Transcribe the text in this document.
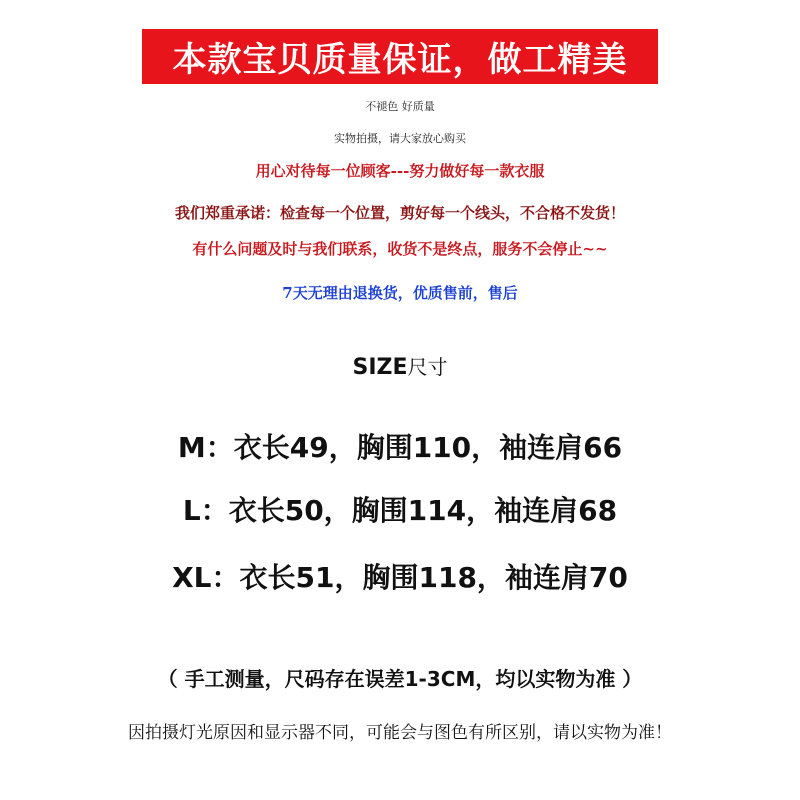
本款宝贝质量保证，做工精美
不褪色 好质量
实物拍摄，请大家放心购买
用心对待每一位顾客---努力做好每一款衣服
我们郑重承诺：检查每一个位置，剪好每一个线头，不合格不发货！
有什么问题及时与我们联系，收货不是终点，服务不会停止~~
7天无理由退换货，优质售前，售后
SIZE尺寸
M：衣长49，胸围110，袖连肩66
L：衣长50，胸围114，袖连肩68
XL：衣长51，胸围118，袖连肩70
（ 手工测量，尺码存在误差1-3CM，均以实物为准 ）
因拍摄灯光原因和显示器不同，可能会与图色有所区别，请以实物为准！
